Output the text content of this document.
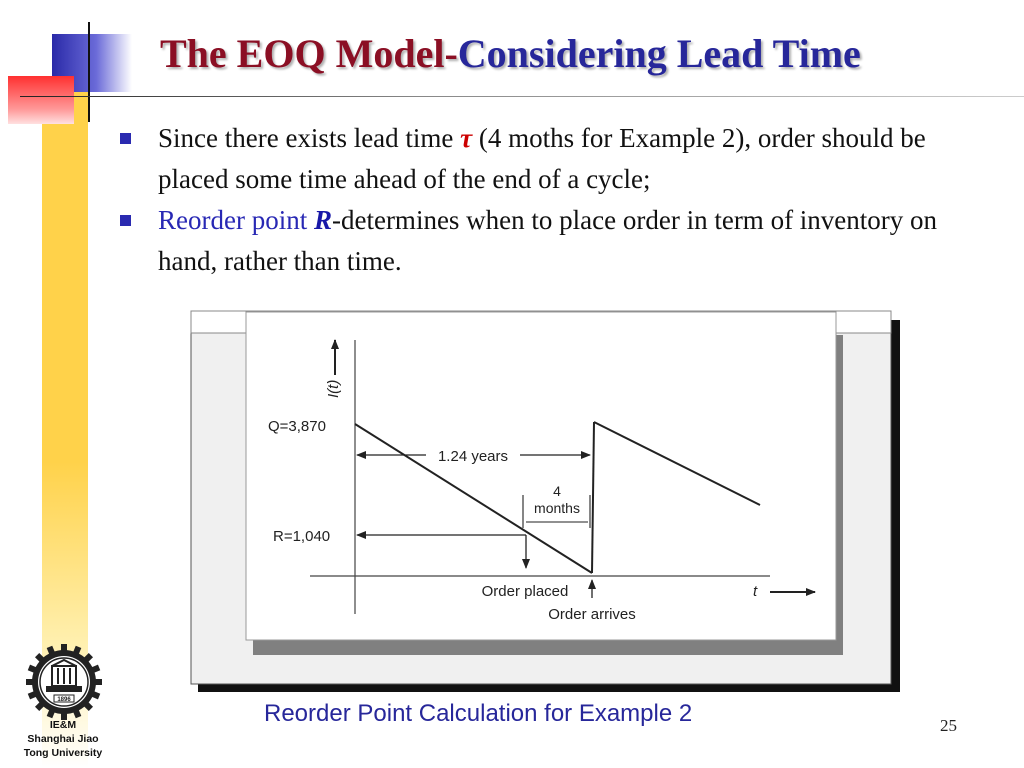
The EOQ Model-Considering Lead Time
Since there exists lead time τ (4 moths for Example 2), order should be placed some time ahead of the end of a cycle;
Reorder point R-determines when to place order in term of inventory on hand, rather than time.
I(t)
t
Q=3,870
1.24 years
4
months
R=1,040
Order placed
Order arrives
Reorder Point Calculation for Example 2	25
1896
IE&M
Shanghai Jiao
Tong University
